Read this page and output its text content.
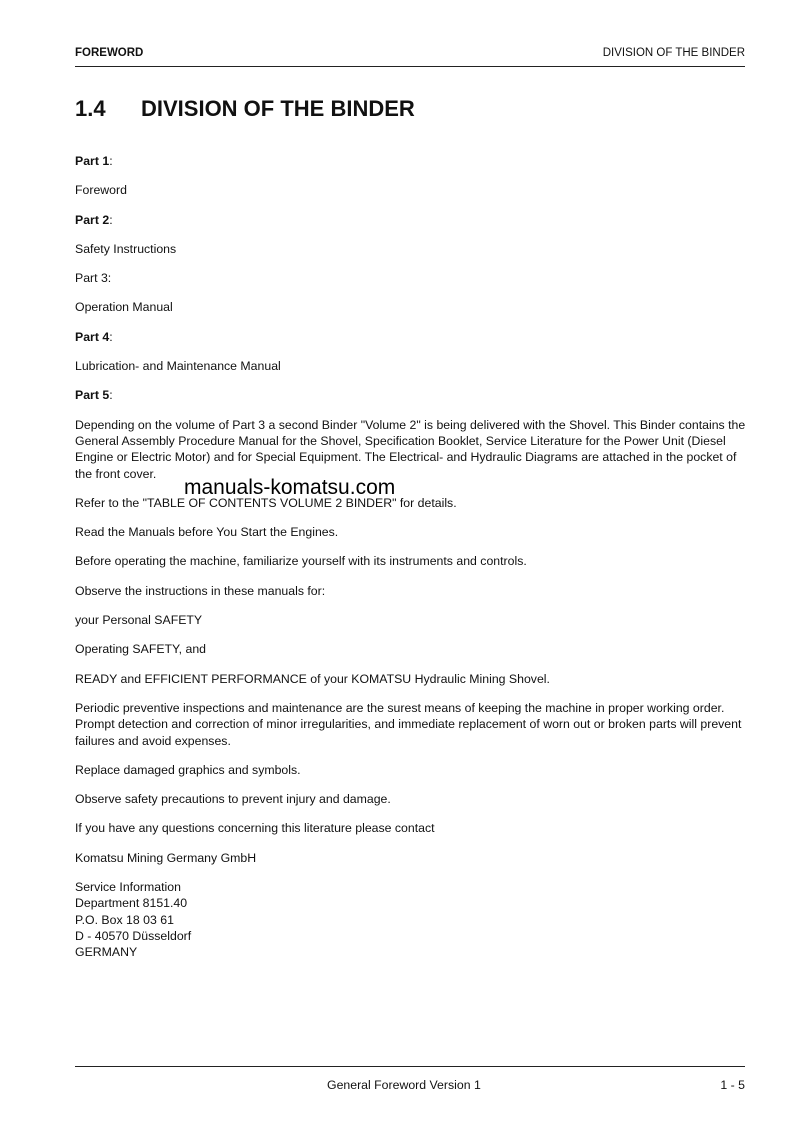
FOREWORD	DIVISION OF THE BINDER
1.4 DIVISION OF THE BINDER

Part 1:

Foreword

Part 2:

Safety Instructions

Part 3:

Operation Manual

Part 4:

Lubrication- and Maintenance Manual

Part 5:

Depending on the volume of Part 3 a second Binder "Volume 2" is being delivered with the Shovel. This Binder contains the General Assembly Procedure Manual for the Shovel, Specification Booklet, Service Literature for the Power Unit (Diesel Engine or Electric Motor) and for Special Equipment. The Electrical- and Hydraulic Diagrams are attached in the pocket of the front cover.

Refer to the "TABLE OF CONTENTS VOLUME 2 BINDER" for details.

Read the Manuals before You Start the Engines.

Before operating the machine, familiarize yourself with its instruments and controls.

Observe the instructions in these manuals for:

your Personal SAFETY

Operating SAFETY, and

READY and EFFICIENT PERFORMANCE of your KOMATSU Hydraulic Mining Shovel.

Periodic preventive inspections and maintenance are the surest means of keeping the machine in proper working order. Prompt detection and correction of minor irregularities, and immediate replacement of worn out or broken parts will prevent failures and avoid expenses.

Replace damaged graphics and symbols.

Observe safety precautions to prevent injury and damage.

If you have any questions concerning this literature please contact

Komatsu Mining Germany GmbH

Service Information
Department 8151.40
P.O. Box 18 03 61
D - 40570 Düsseldorf
GERMANY
manuals-komatsu.com
General Foreword Version 1	1 - 5
